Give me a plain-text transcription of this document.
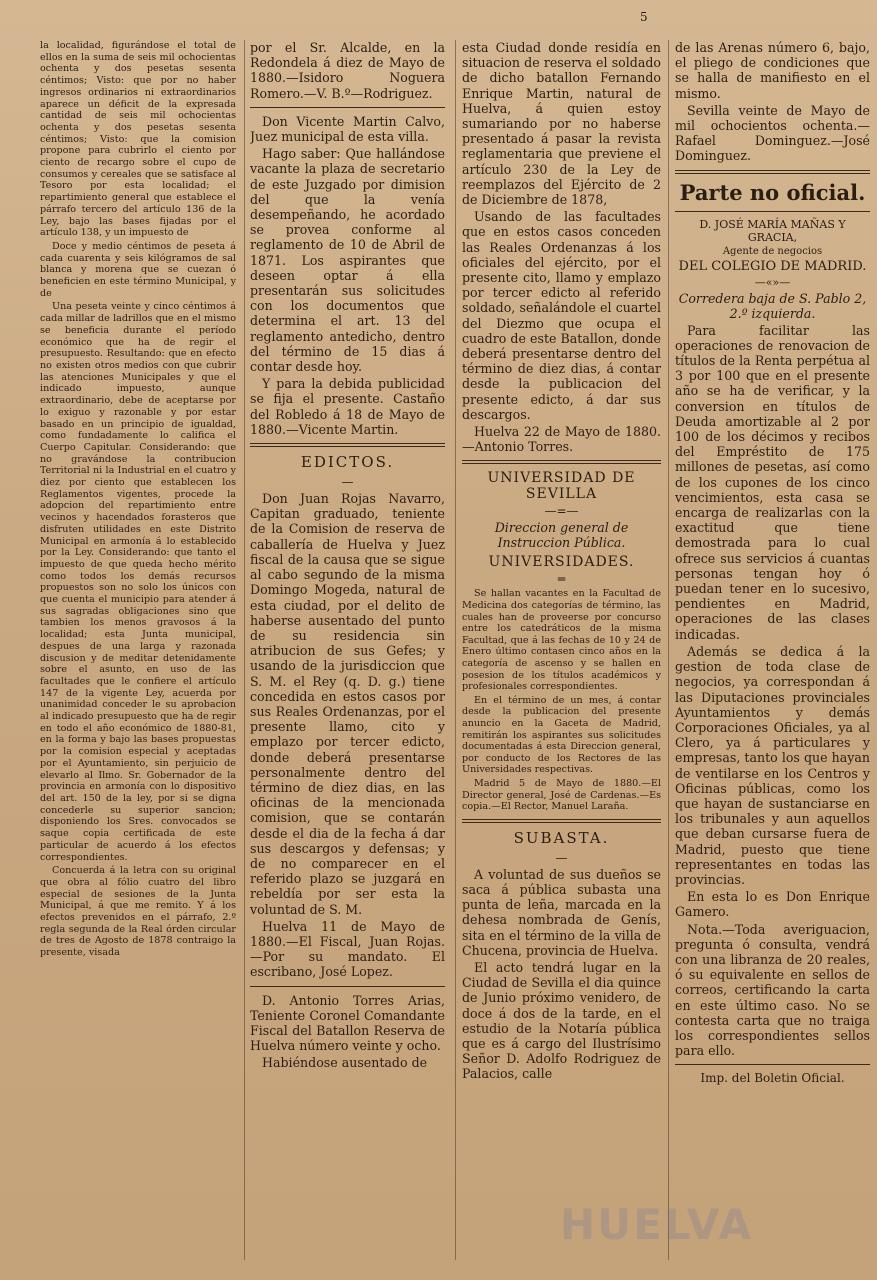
5

la localidad, figurándose el total de ellos en la suma de seis mil ochocientas ochenta y dos pesetas sesenta céntimos; Visto: que por no haber ingresos ordinarios ni extraordinarios aparece un déficit de la expresada cantidad de seis mil ochocientas ochenta y dos pesetas sesenta céntimos; Visto: que la comision propone para cubrirlo el ciento por ciento de recargo sobre el cupo de consumos y cereales que se satisface al Tesoro por esta localidad; el repartimiento general que establece el párrafo tercero del artículo 136 de la Ley, bajo las bases fijadas por el artículo 138, y un impuesto de

Doce y medio céntimos de peseta á cada cuarenta y seis kilógramos de sal blanca y morena que se cuezan ó beneficien en este término Municipal, y de

Una peseta veinte y cinco céntimos á cada millar de ladrillos que en el mismo se beneficia durante el período económico que ha de regir el presupuesto. Resultando: que en efecto no existen otros medios con que cubrir las atenciones Municipales y que el indicado impuesto, aunque extraordinario, debe de aceptarse por lo exiguo y razonable y por estar basado en un principio de igualdad, como fundadamente lo califica el Cuerpo Capitular. Considerando: que no gravándose la contribucion Territorial ni la Industrial en el cuatro y diez por ciento que establecen los Reglamentos vigentes, procede la adopcion del repartimiento entre vecinos y hacendados forasteros que disfruten utilidades en este Distrito Municipal en armonía á lo establecido por la Ley. Considerando: que tanto el impuesto de que queda hecho mérito como todos los demás recursos propuestos son no solo los únicos con que cuenta el municipio para atender á sus sagradas obligaciones sino que tambien los menos gravosos á la localidad; esta Junta municipal, despues de una larga y razonada discusion y de meditar detenidamente sobre el asunto, en uso de las facultades que le confiere el artículo 147 de la vigente Ley, acuerda por unanimidad conceder le su aprobacion al indicado presupuesto que ha de regir en todo el año económico de 1880-81, en la forma y bajo las bases propuestas por la comision especial y aceptadas por el Ayuntamiento, sin perjuicio de elevarlo al Ilmo. Sr. Gobernador de la provincia en armonía con lo dispositivo del art. 150 de la ley, por si se digna concederle su superior sancion; disponiendo los Sres. convocados se saque copia certificada de este particular de acuerdo á los efectos correspondientes.

Concuerda á la letra con su original que obra al fólio cuatro del libro especial de sesiones de la Junta Municipal, á que me remito. Y á los efectos prevenidos en el párrafo, 2.º regla segunda de la Real órden circular de tres de Agosto de 1878 contraigo la presente, visada

por el Sr. Alcalde, en la Redondela á diez de Mayo de 1880.—Isidoro Noguera Romero.—V. B.º—Rodriguez.

Don Vicente Martin Calvo, Juez municipal de esta villa.

Hago saber: Que hallándose vacante la plaza de secretario de este Juzgado por dimision del que la venía desempeñando, he acordado se provea conforme al reglamento de 10 de Abril de 1871. Los aspirantes que deseen optar á ella presentarán sus solicitudes con los documentos que determina el art. 13 del reglamento antedicho, dentro del término de 15 dias á contar desde hoy.

Y para la debida publicidad se fija el presente. Castaño del Robledo á 18 de Mayo de 1880.—Vicente Martin.

EDICTOS.
—

Don Juan Rojas Navarro, Capitan graduado, teniente de la Comision de reserva de caballería de Huelva y Juez fiscal de la causa que se sigue al cabo segundo de la misma Domingo Mogeda, natural de esta ciudad, por el delito de haberse ausentado del punto de su residencia sin atribucion de sus Gefes; y usando de la jurisdiccion que S. M. el Rey (q. D. g.) tiene concedida en estos casos por sus Reales Ordenanzas, por el presente llamo, cito y emplazo por tercer edicto, donde deberá presentarse personalmente dentro del término de diez dias, en las oficinas de la mencionada comision, que se contarán desde el dia de la fecha á dar sus descargos y defensas; y de no comparecer en el referido plazo se juzgará en rebeldía por ser esta la voluntad de S. M.

Huelva 11 de Mayo de 1880.—El Fiscal, Juan Rojas.—Por su mandato. El escribano, José Lopez.

D. Antonio Torres Arias, Teniente Coronel Comandante Fiscal del Batallon Reserva de Huelva número veinte y ocho.

Habiéndose ausentado de

esta Ciudad donde residía en situacion de reserva el soldado de dicho batallon Fernando Enrique Martin, natural de Huelva, á quien estoy sumariando por no haberse presentado á pasar la revista reglamentaria que previene el artículo 230 de la Ley de reemplazos del Ejército de 2 de Diciembre de 1878,

Usando de las facultades que en estos casos conceden las Reales Ordenanzas á los oficiales del ejército, por el presente cito, llamo y emplazo por tercer edicto al referido soldado, señalándole el cuartel del Diezmo que ocupa el cuadro de este Batallon, donde deberá presentarse dentro del término de diez dias, á contar desde la publicacion del presente edicto, á dar sus descargos.

Huelva 22 de Mayo de 1880.—Antonio Torres.

UNIVERSIDAD DE SEVILLA
—=—
Direccion general de Instruccion Pública.
UNIVERSIDADES.
═

Se hallan vacantes en la Facultad de Medicina dos categorías de término, las cuales han de proveerse por concurso entre los catedráticos de la misma Facultad, que á las fechas de 10 y 24 de Enero último contasen cinco años en la categoría de ascenso y se hallen en posesion de los títulos académicos y profesionales correspondientes.

En el término de un mes, á contar desde la publicacion del presente anuncio en la Gaceta de Madrid, remitirán los aspirantes sus solicitudes documentadas á esta Direccion general, por conducto de los Rectores de las Universidades respectivas.

Madrid 5 de Mayo de 1880.—El Director general, José de Cardenas.—Es copia.—El Rector, Manuel Laraña.

SUBASTA.
—

A voluntad de sus dueños se saca á pública subasta una punta de leña, marcada en la dehesa nombrada de Genís, sita en el término de la villa de Chucena, provincia de Huelva.

El acto tendrá lugar en la Ciudad de Sevilla el dia quince de Junio próximo venidero, de doce á dos de la tarde, en el estudio de la Notaría pública que es á cargo del Ilustrísimo Señor D. Adolfo Rodriguez de Palacios, calle

de las Arenas número 6, bajo, el pliego de condiciones que se halla de manifiesto en el mismo.

Sevilla veinte de Mayo de mil ochocientos ochenta.—Rafael Dominguez.—José Dominguez.

Parte no oficial.
D. JOSÉ MARÍA MAÑAS Y GRACIA,
Agente de negocios
DEL COLEGIO DE MADRID.
—«»—
Corredera baja de S. Pablo 2, 2.º izquierda.

Para facilitar las operaciones de renovacion de títulos de la Renta perpétua al 3 por 100 que en el presente año se ha de verificar, y la conversion en títulos de Deuda amortizable al 2 por 100 de los décimos y recibos del Empréstito de 175 millones de pesetas, así como de los cupones de los cinco vencimientos, esta casa se encarga de realizarlas con la exactitud que tiene demostrada para lo cual ofrece sus servicios á cuantas personas tengan hoy ó puedan tener en lo sucesivo, pendientes en Madrid, operaciones de las clases indicadas.

Además se dedica á la gestion de toda clase de negocios, ya correspondan á las Diputaciones provinciales Ayuntamientos y demás Corporaciones Oficiales, ya al Clero, ya á particulares y empresas, tanto los que hayan de ventilarse en los Centros y Oficinas públicas, como los que hayan de sustanciarse en los tribunales y aun aquellos que deban cursarse fuera de Madrid, puesto que tiene representantes en todas las provincias.

En esta lo es Don Enrique Gamero.

Nota.—Toda averiguacion, pregunta ó consulta, vendrá con una libranza de 20 reales, ó su equivalente en sellos de correos, certificando la carta en este último caso. No se contesta carta que no traiga los correspondientes sellos para ello.

Imp. del Boletin Oficial.
HUELVA
